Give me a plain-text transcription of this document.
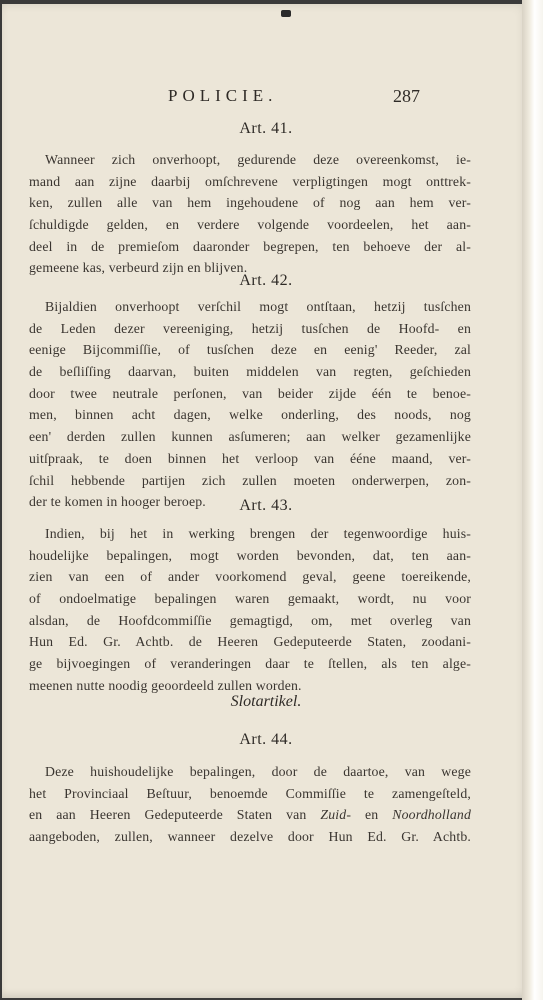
POLICIE.	287
Art. 41.
Wanneer zich onverhoopt, gedurende deze overeenkomst, ie-
mand aan zijne daarbij omſchrevene verpligtingen mogt onttrek-
ken, zullen alle van hem ingehoudene of nog aan hem ver-
ſchuldigde gelden, en verdere volgende voordeelen, het aan-
deel in de premieſom daaronder begrepen, ten behoeve der al-
gemeene kas, verbeurd zijn en blijven.
Art. 42.
Bijaldien onverhoopt verſchil mogt ontſtaan, hetzij tusſchen
de Leden dezer vereeniging, hetzij tusſchen de Hoofd- en
eenige Bijcommiſſie, of tusſchen deze en eenig' Reeder, zal
de beſliſſing daarvan, buiten middelen van regten, geſchieden
door twee neutrale perſonen, van beider zijde één te benoe-
men, binnen acht dagen, welke onderling, des noods, nog
een' derden zullen kunnen asſumeren; aan welker gezamenlijke
uitſpraak, te doen binnen het verloop van ééne maand, ver-
ſchil hebbende partijen zich zullen moeten onderwerpen, zon-
der te komen in hooger beroep.	Art. 43.
Indien, bij het in werking brengen der tegenwoordige huis-
houdelijke bepalingen, mogt worden bevonden, dat, ten aan-
zien van een of ander voorkomend geval, geene toereikende,
of ondoelmatige bepalingen waren gemaakt, wordt, nu voor
alsdan, de Hoofdcommiſſie gemagtigd, om, met overleg van
Hun Ed. Gr. Achtb. de Heeren Gedeputeerde Staten, zoodani-
ge bijvoegingen of veranderingen daar te ſtellen, als ten alge-
meenen nutte noodig geoordeeld zullen worden.
Slotartikel.
Art. 44.
Deze huishoudelijke bepalingen, door de daartoe, van wege
het Provinciaal Beſtuur, benoemde Commiſſie te zamengeſteld,
en aan Heeren Gedeputeerde Staten van Zuid- en Noordholland
aangeboden, zullen, wanneer dezelve door Hun Ed. Gr. Achtb.
